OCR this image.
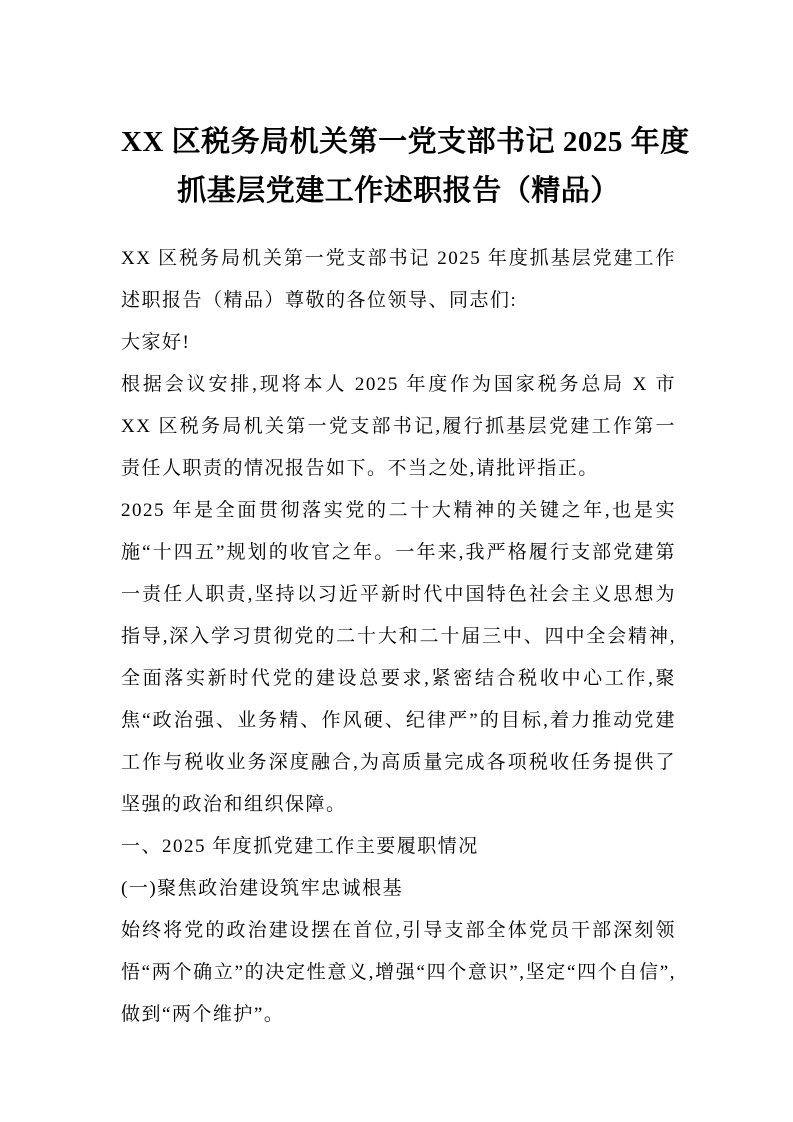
XX 区税务局机关第一党支部书记 2025 年度
抓基层党建工作述职报告（精品）

XX 区税务局机关第一党支部书记 2025 年度抓基层党建工作述职报告（精品）尊敬的各位领导、同志们:

大家好!

根据会议安排,现将本人 2025 年度作为国家税务总局 X 市 XX 区税务局机关第一党支部书记,履行抓基层党建工作第一责任人职责的情况报告如下。不当之处,请批评指正。

2025 年是全面贯彻落实党的二十大精神的关键之年,也是实施“十四五”规划的收官之年。一年来,我严格履行支部党建第一责任人职责,坚持以习近平新时代中国特色社会主义思想为指导,深入学习贯彻党的二十大和二十届三中、四中全会精神,全面落实新时代党的建设总要求,紧密结合税收中心工作,聚焦“政治强、业务精、作风硬、纪律严”的目标,着力推动党建工作与税收业务深度融合,为高质量完成各项税收任务提供了坚强的政治和组织保障。

一、2025 年度抓党建工作主要履职情况

(一)聚焦政治建设筑牢忠诚根基

始终将党的政治建设摆在首位,引导支部全体党员干部深刻领悟“两个确立”的决定性意义,增强“四个意识”,坚定“四个自信”,做到“两个维护”。
